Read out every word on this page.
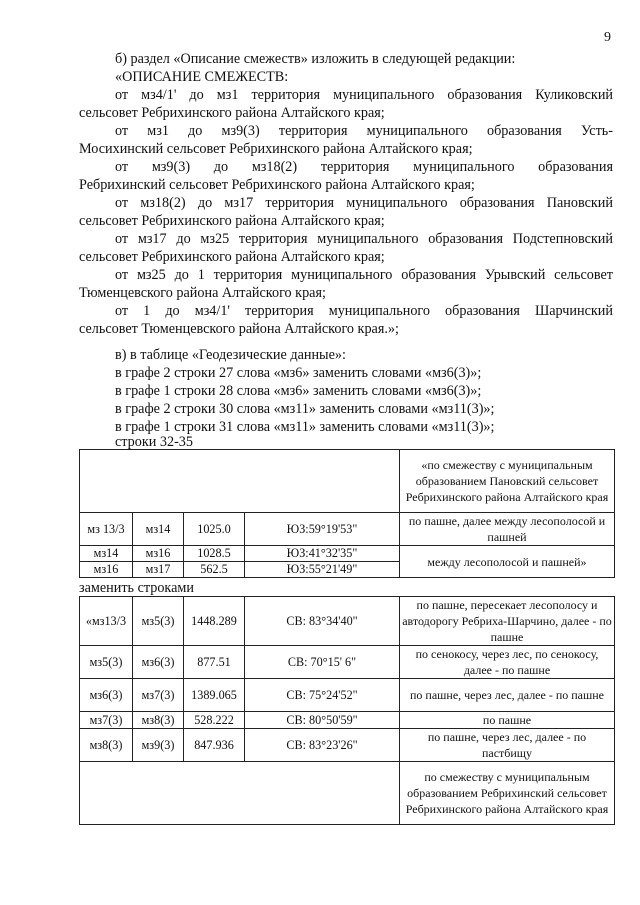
9
б) раздел «Описание смежеств» изложить в следующей редакции:
«ОПИСАНИЕ СМЕЖЕСТВ:
от мз4/1' до мз1 территория муниципального образования Куликовский
сельсовет Ребрихинского района Алтайского края;
от мз1 до мз9(3) территория муниципального образования Усть-
Мосихинский сельсовет Ребрихинского района Алтайского края;
от мз9(3) до мз18(2) территория муниципального образования
Ребрихинский сельсовет Ребрихинского района Алтайского края;
от мз18(2) до мз17 территория муниципального образования Пановский
сельсовет Ребрихинского района Алтайского края;
от мз17 до мз25 территория муниципального образования Подстепновский
сельсовет Ребрихинского района Алтайского края;
от мз25 до 1 территория муниципального образования Урывский сельсовет
Тюменцевского района Алтайского края;
от 1 до мз4/1' территория муниципального образования Шарчинский
сельсовет Тюменцевского района Алтайского края.»;
в) в таблице «Геодезические данные»:
в графе 2 строки 27 слова «мз6» заменить словами «мз6(3)»;
в графе 1 строки 28 слова «мз6» заменить словами «мз6(3)»;
в графе 2 строки 30 слова «мз11» заменить словами «мз11(3)»;
в графе 1 строки 31 слова «мз11» заменить словами «мз11(3)»;
строки 32-35
				«по смежеству с муниципальным образованием Пановский сельсовет Ребрихинского района Алтайского края
мз 13/3	мз14	1025.0	ЮЗ:59°19'53"	по пашне, далее между лесополосой и пашней
мз14	мз16	1028.5	ЮЗ:41°32'35"	между лесополосой и пашней»
мз16	мз17	562.5	ЮЗ:55°21'49"	
заменить строками
«мз13/3	мз5(3)	1448.289	СВ: 83°34'40"	по пашне, пересекает лесополосу и автодорогу Ребриха-Шарчино, далее - по пашне
мз5(3)	мз6(3)	877.51	СВ: 70°15' 6"	по сенокосу, через лес, по сенокосу, далее - по пашне
мз6(3)	мз7(3)	1389.065	СВ: 75°24'52"	по пашне, через лес, далее - по пашне
мз7(3)	мз8(3)	528.222	СВ: 80°50'59"	по пашне
мз8(3)	мз9(3)	847.936	СВ: 83°23'26"	по пашне, через лес, далее - по пастбищу
				по смежеству с муниципальным образованием Ребрихинский сельсовет Ребрихинского района Алтайского края
